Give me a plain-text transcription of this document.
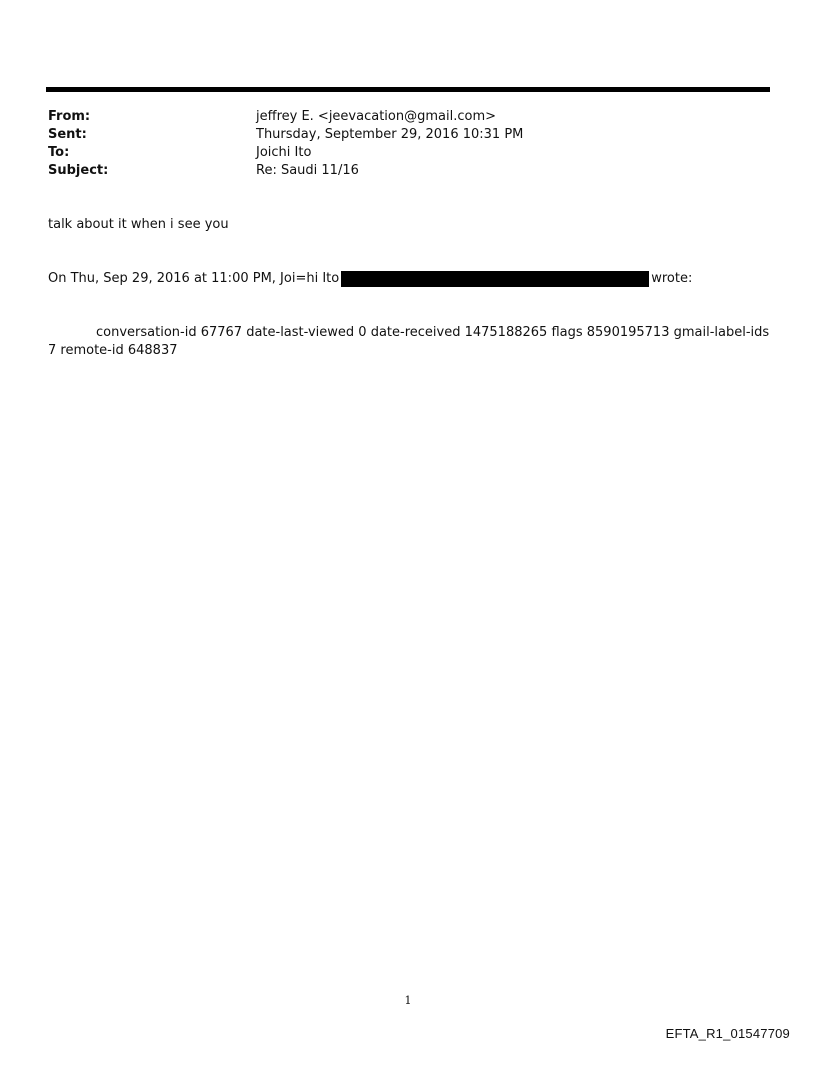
From:	jeffrey E. <jeevacation@gmail.com>
Sent:	Thursday, September 29, 2016 10:31 PM
To:	Joichi Ito
Subject:	Re: Saudi 11/16
talk about it when i see you
On Thu, Sep 29, 2016 at 11:00 PM, Joi=hi Ito	wrote:
conversation-id 67767 date-last-viewed 0 date-received 1475188265 flags 8590195713 gmail-label-ids 7 remote-id 648837
1
EFTA_R1_01547709
